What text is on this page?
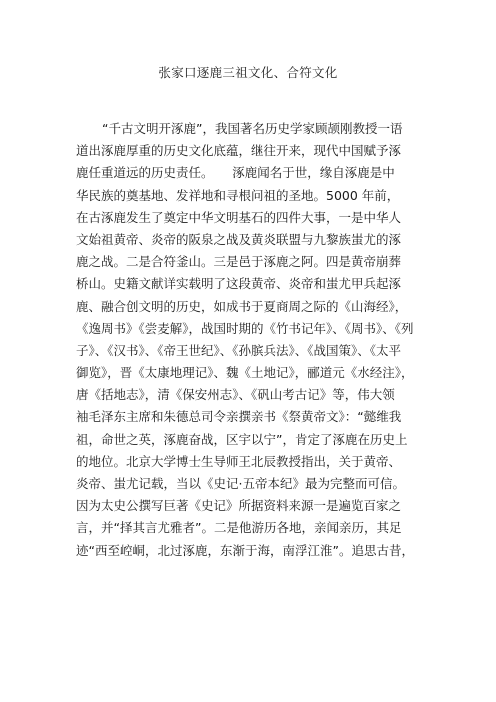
张家口逐鹿三祖文化、合符文化
“千古文明开涿鹿”，我国著名历史学家顾颉刚教授一语
道出涿鹿厚重的历史文化底蕴，继往开来，现代中国赋予涿
鹿任重道远的历史责任。　　涿鹿闻名于世，缘自涿鹿是中
华民族的奠基地、发祥地和寻根问祖的圣地。5000 年前，
在古涿鹿发生了奠定中华文明基石的四件大事，一是中华人
文始祖黄帝、炎帝的阪泉之战及黄炎联盟与九黎族蚩尤的涿
鹿之战。二是合符釜山。三是邑于涿鹿之阿。四是黄帝崩葬
桥山。史籍文献详实载明了这段黄帝、炎帝和蚩尤甲兵起涿
鹿、融合创文明的历史，如成书于夏商周之际的《山海经》，
《逸周书》《尝麦解》，战国时期的《竹书记年》、《周书》、《列
子》、《汉书》、《帝王世纪》、《孙膑兵法》、《战国策》、《太平
御览》，晋《太康地理记》、魏《土地记》，郦道元《水经注》，
唐《括地志》，清《保安州志》、《矾山考古记》等，伟大领
袖毛泽东主席和朱德总司令亲撰亲书《祭黄帝文》：“懿维我
祖，命世之英，涿鹿奋战，区宇以宁”，肯定了涿鹿在历史上
的地位。北京大学博士生导师王北辰教授指出，关于黄帝、
炎帝、蚩尤记载，当以《史记·五帝本纪》最为完整而可信。
因为太史公撰写巨著《史记》所据资料来源一是遍览百家之
言，并“择其言尤雅者”。二是他游历各地，亲闻亲历，其足
迹“西至崆峒，北过涿鹿，东渐于海，南浮江淮”。追思古昔，
